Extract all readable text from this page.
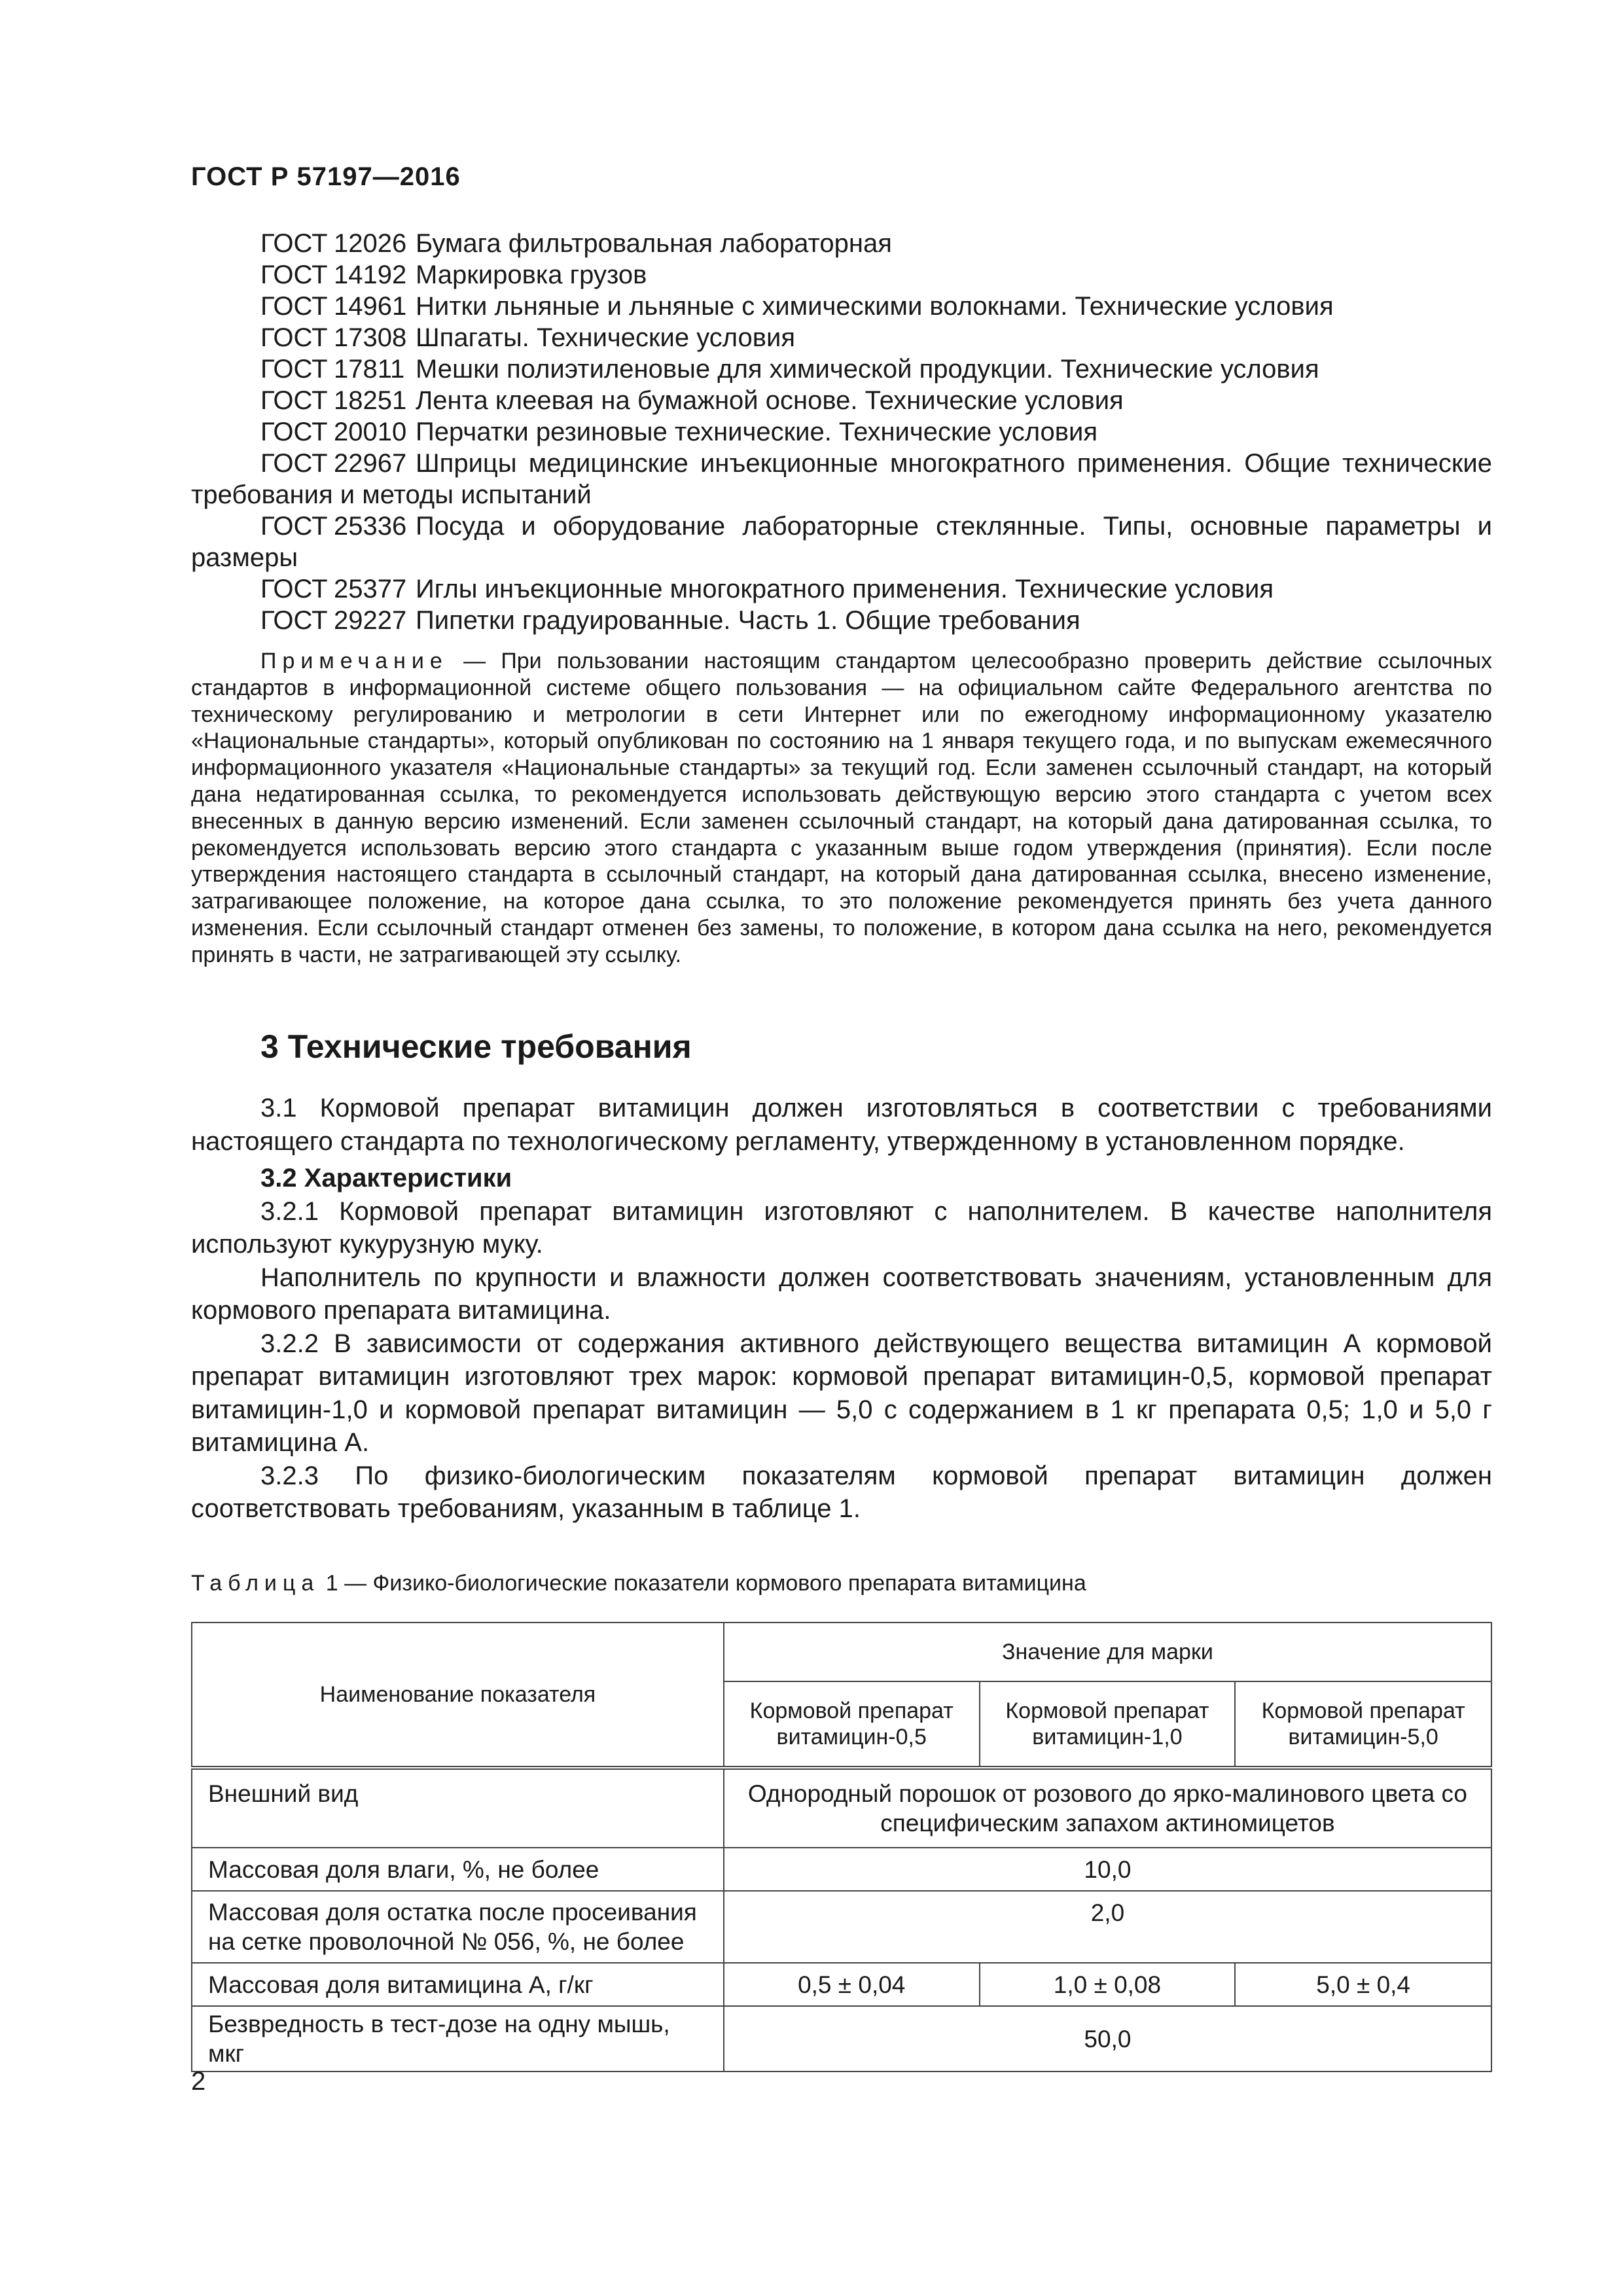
ГОСТ Р 57197—2016

ГОСТ 12026 Бумага фильтровальная лабораторная

ГОСТ 14192 Маркировка грузов

ГОСТ 14961 Нитки льняные и льняные с химическими волокнами. Технические условия

ГОСТ 17308 Шпагаты. Технические условия

ГОСТ 17811 Мешки полиэтиленовые для химической продукции. Технические условия

ГОСТ 18251 Лента клеевая на бумажной основе. Технические условия

ГОСТ 20010 Перчатки резиновые технические. Технические условия

ГОСТ 22967 Шприцы медицинские инъекционные многократного применения. Общие технические требования и методы испытаний

ГОСТ 25336 Посуда и оборудование лабораторные стеклянные. Типы, основные параметры и размеры

ГОСТ 25377 Иглы инъекционные многократного применения. Технические условия

ГОСТ 29227 Пипетки градуированные. Часть 1. Общие требования

Примечание — При пользовании настоящим стандартом целесообразно проверить действие ссылочных стандартов в информационной системе общего пользования — на официальном сайте Федерального агентства по техническому регулированию и метрологии в сети Интернет или по ежегодному информационному указателю «Национальные стандарты», который опубликован по состоянию на 1 января текущего года, и по выпускам ежемесячного информационного указателя «Национальные стандарты» за текущий год. Если заменен ссылочный стандарт, на который дана недатированная ссылка, то рекомендуется использовать действующую версию этого стандарта с учетом всех внесенных в данную версию изменений. Если заменен ссылочный стандарт, на который дана датированная ссылка, то рекомендуется использовать версию этого стандарта с указанным выше годом утверждения (принятия). Если после утверждения настоящего стандарта в ссылочный стандарт, на который дана датированная ссылка, внесено изменение, затрагивающее положение, на которое дана ссылка, то это положение рекомендуется принять без учета данного изменения. Если ссылочный стандарт отменен без замены, то положение, в котором дана ссылка на него, рекомендуется принять в части, не затрагивающей эту ссылку.

3 Технические требования

3.1 Кормовой препарат витамицин должен изготовляться в соответствии с требованиями настоящего стандарта по технологическому регламенту, утвержденному в установленном порядке.

3.2 Характеристики

3.2.1 Кормовой препарат витамицин изготовляют с наполнителем. В качестве наполнителя используют кукурузную муку.

Наполнитель по крупности и влажности должен соответствовать значениям, установленным для кормового препарата витамицина.

3.2.2 В зависимости от содержания активного действующего вещества витамицин А кормовой препарат витамицин изготовляют трех марок: кормовой препарат витамицин-0,5, кормовой препарат витамицин-1,0 и кормовой препарат витамицин — 5,0 с содержанием в 1 кг препарата 0,5; 1,0 и 5,0 г витамицина А.

3.2.3 По физико-биологическим показателям кормовой препарат витамицин должен соответствовать требованиям, указанным в таблице 1.

Таблица 1 — Физико-биологические показатели кормового препарата витамицина
Наименование показателя	Значение для марки		
	Кормовой препарат витамицин-0,5	Кормовой препарат витамицин-1,0	Кормовой препарат витамицин-5,0
Внешний вид	Однородный порошок от розового до ярко-малинового цвета со специфическим запахом актиномицетов		
Массовая доля влаги, %, не более	10,0		
Массовая доля остатка после просеивания на сетке проволочной № 056, %, не более	2,0		
Массовая доля витамицина А, г/кг	0,5 ± 0,04	1,0 ± 0,08	5,0 ± 0,4
Безвредность в тест-дозе на одну мышь, мкг	50,0		
2
